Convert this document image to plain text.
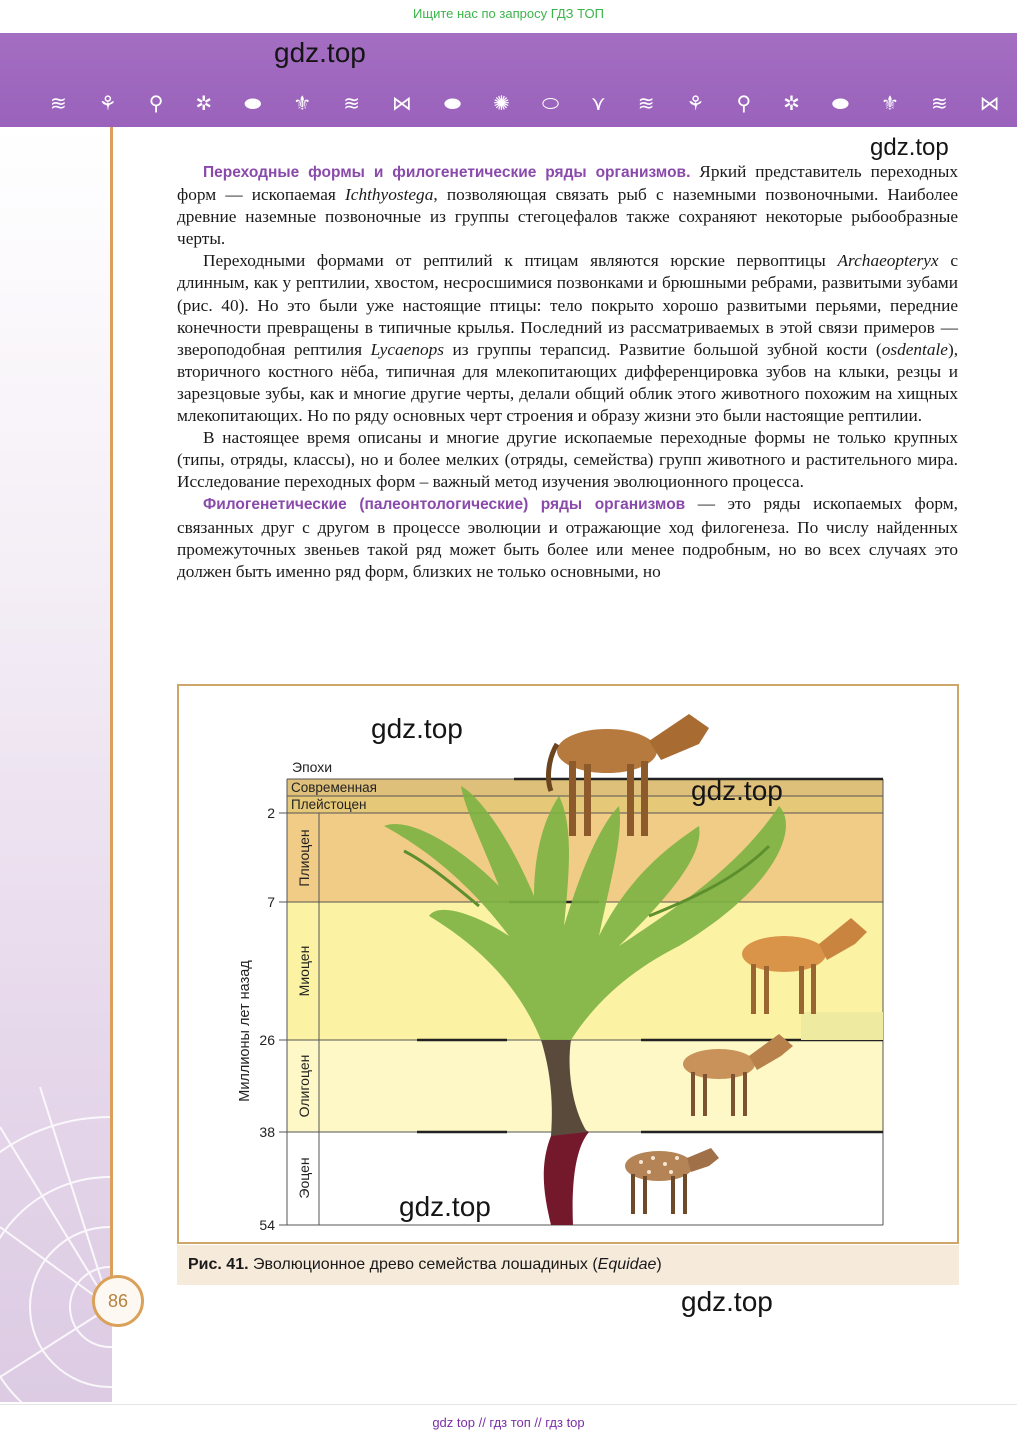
Ищите нас по запросу ГДЗ ТОП
gdz.top
≋ ⚘ ⚲ ✲ ⬬ ⚜ ≋ ⋈ ⬬ ✺ ⬭ ⋎ ≋ ⚘ ⚲ ✲ ⬬ ⚜ ≋ ⋈
gdz.top

Переходные формы и филогенетические ряды организмов. Яркий представитель переходных форм — ископаемая Ichthyostega, позволяющая связать рыб с наземными позвоночными. Наиболее древние наземные позвоночные из группы стегоцефалов также сохраняют некоторые рыбообразные черты.

Переходными формами от рептилий к птицам являются юрские первоптицы Archaeopteryx с длинным, как у рептилии, хвостом, несросшимися позвонками и брюшными ребрами, развитыми зубами (рис. 40). Но это были уже настоящие птицы: тело покрыто хорошо развитыми перьями, передние конечности превращены в типичные крылья. Последний из рассматриваемых в этой связи примеров — звероподобная рептилия Lycaenops из группы терапсид. Развитие большой зубной кости (osdentale), вторичного костного нёба, типичная для млекопитающих дифференцировка зубов на клыки, резцы и зарезцовые зубы, как и многие другие черты, делали общий облик этого животного похожим на хищных млекопитающих. Но по ряду основных черт строения и образу жизни это были настоящие рептилии.

В настоящее время описаны и многие другие ископаемые переходные формы не только крупных (типы, отряды, классы), но и более мелких (отряды, семейства) групп животного и растительного мира. Исследование переходных форм – важный метод изучения эволюционного процесса.

Филогенетические (палеонтологические) ряды организмов — это ряды ископаемых форм, связанных друг с другом в процессе эволюции и отражающие ход филогенеза. По числу найденных промежуточных звеньев такой ряд может быть более или менее подробным, но во всех случаях это должен быть именно ряд форм, близких не только основными, но

Эпохи
Современная
Плейстоцен
Плиоцен
Миоцен
Олигоцен
Эоцен
2
7
26
38
54
Миллионы лет назад
gdz.top
gdz.top
gdz.top
Рис. 41. Эволюционное древо семейства лошадиных (Equidae)
86	gdz.top
gdz top // гдз топ // гдз top
